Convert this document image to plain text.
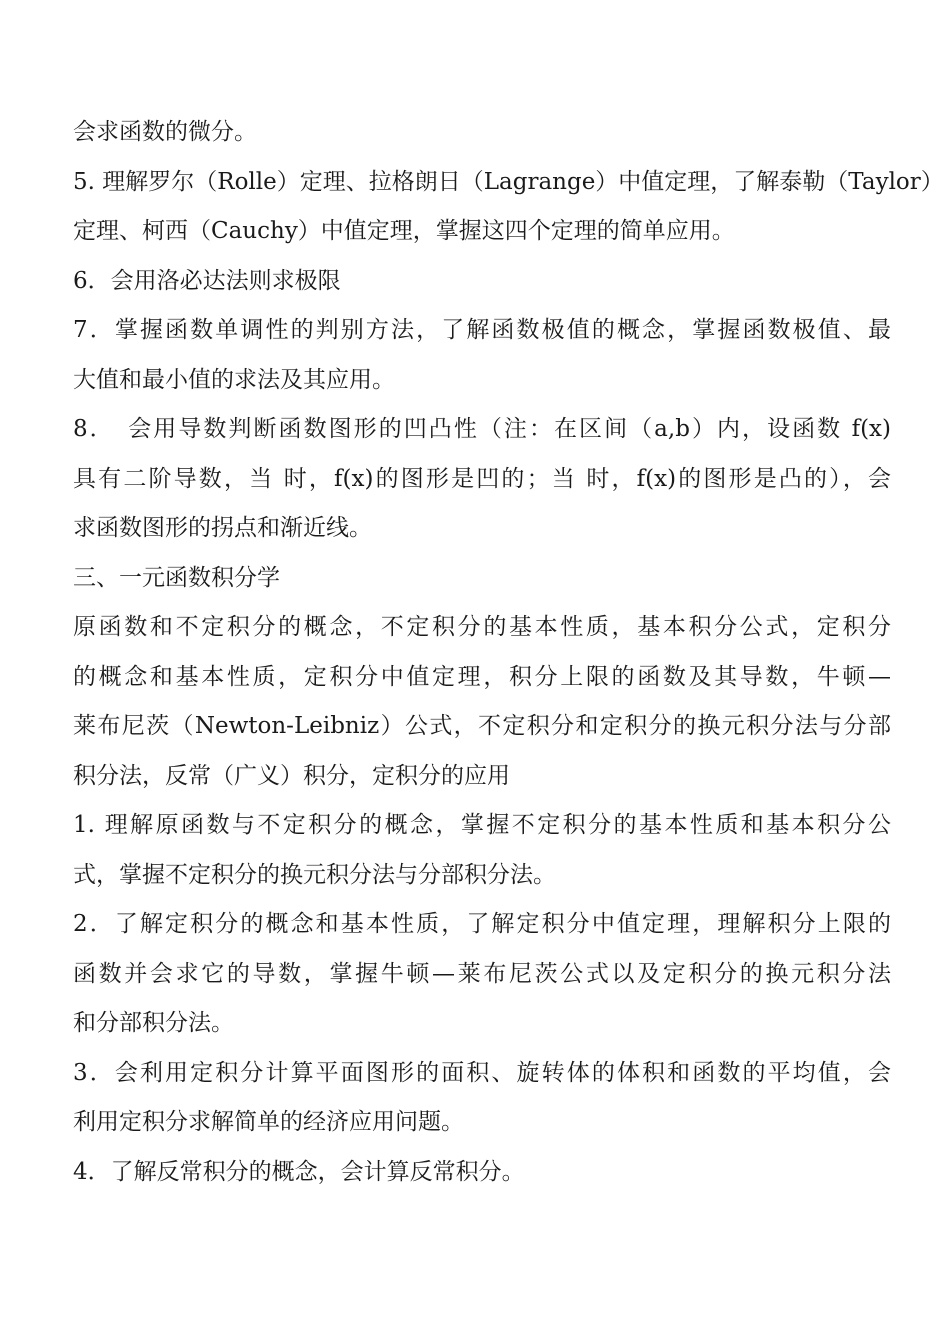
会求函数的微分。
5. 理解罗尔（Rolle）定理、拉格朗日（Lagrange）中值定理，了解泰勒（Taylor）
定理、柯西（Cauchy）中值定理，掌握这四个定理的简单应用。
6．会用洛必达法则求极限
7．掌握函数单调性的判别方法，了解函数极值的概念，掌握函数极值、最
大值和最小值的求法及其应用。
8．　会用导数判断函数图形的凹凸性（注：在区间（a,b）内，设函数 f(x)
具有二阶导数，当 时，f(x)的图形是凹的；当 时，f(x)的图形是凸的），会
求函数图形的拐点和渐近线。
三、一元函数积分学
原函数和不定积分的概念，不定积分的基本性质，基本积分公式，定积分
的概念和基本性质，定积分中值定理，积分上限的函数及其导数，牛顿—
莱布尼茨（Newton-Leibniz）公式，不定积分和定积分的换元积分法与分部
积分法，反常（广义）积分，定积分的应用
1. 理解原函数与不定积分的概念，掌握不定积分的基本性质和基本积分公
式，掌握不定积分的换元积分法与分部积分法。
2．了解定积分的概念和基本性质，了解定积分中值定理，理解积分上限的
函数并会求它的导数，掌握牛顿—莱布尼茨公式以及定积分的换元积分法
和分部积分法。
3．会利用定积分计算平面图形的面积、旋转体的体积和函数的平均值，会
利用定积分求解简单的经济应用问题。
4．了解反常积分的概念，会计算反常积分。
